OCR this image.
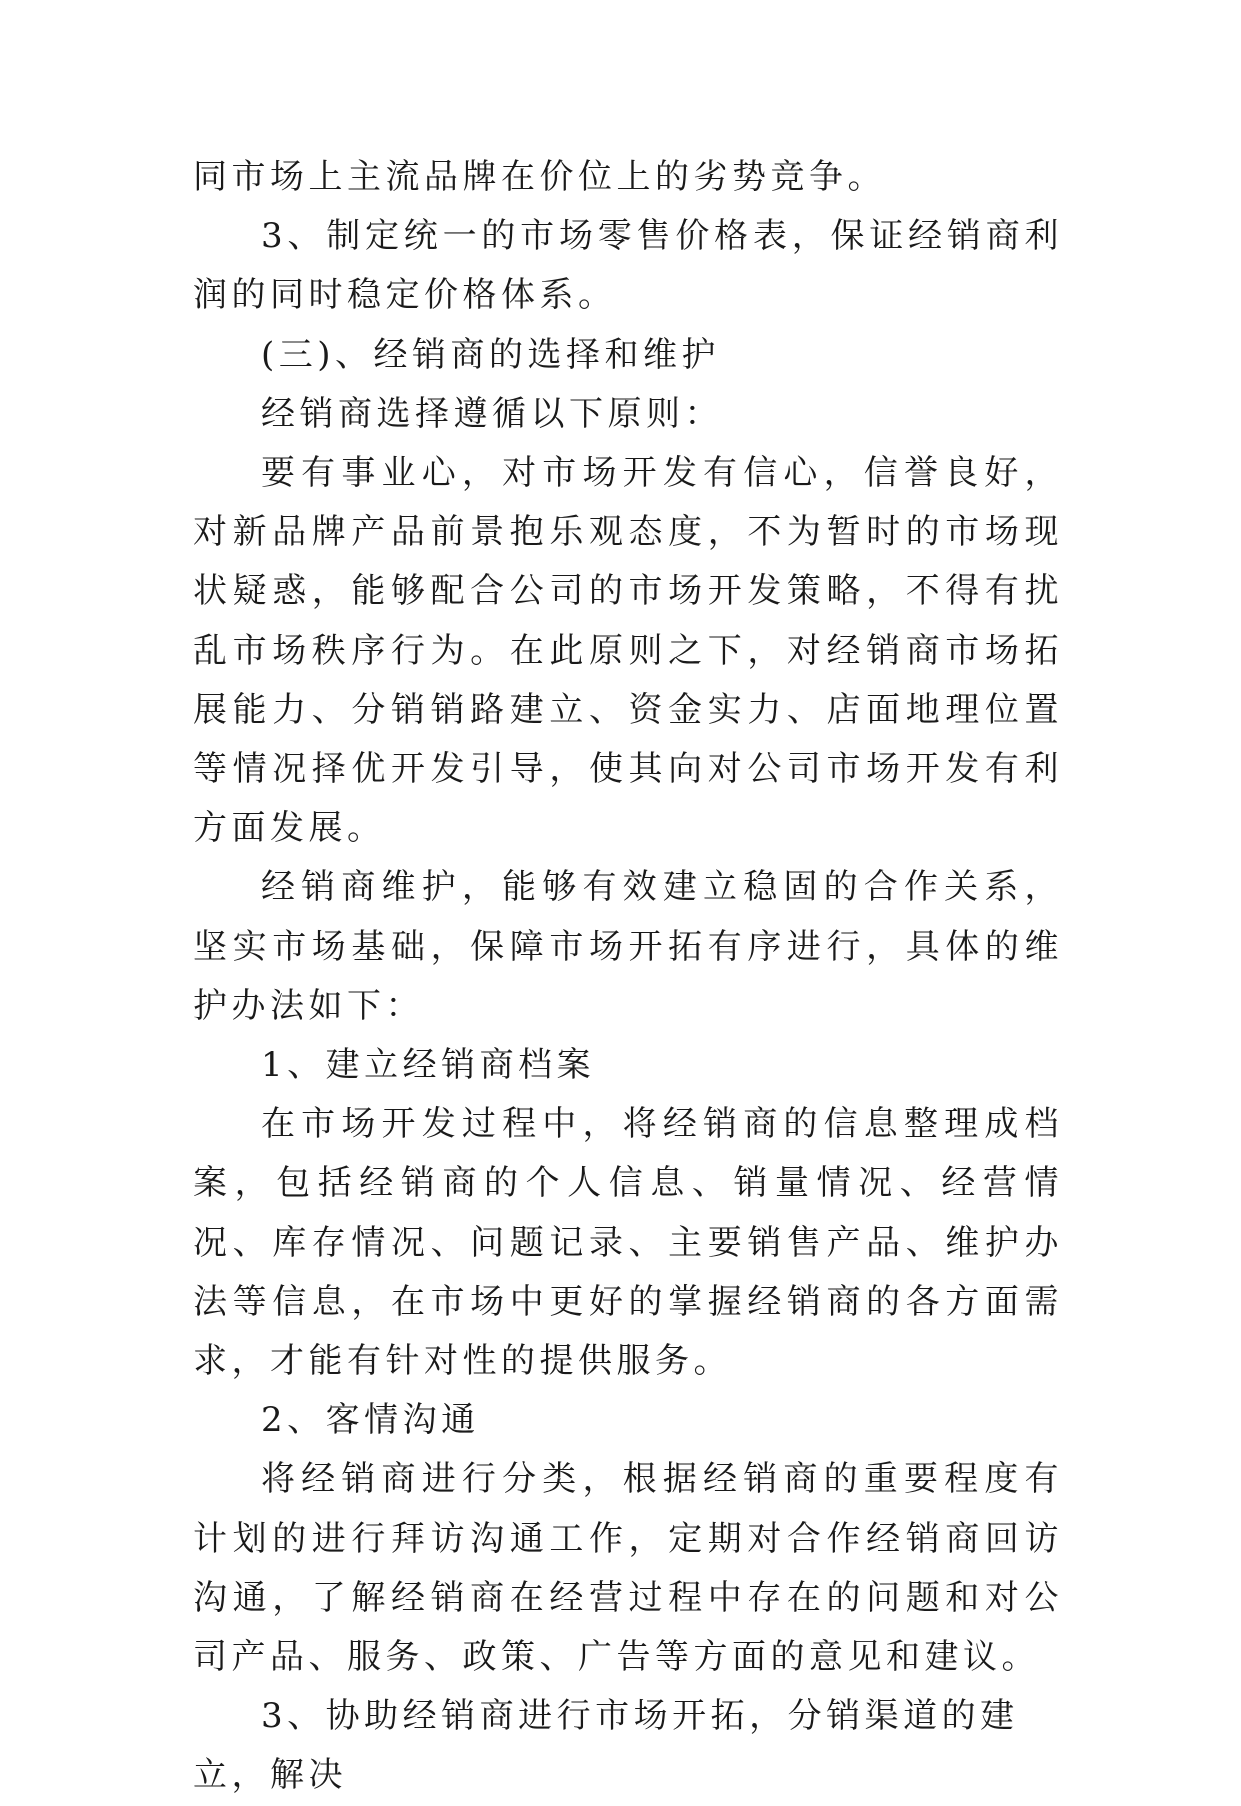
同市场上主流品牌在价位上的劣势竞争。

3、制定统一的市场零售价格表，保证经销商利润的同时稳定价格体系。

(三)、经销商的选择和维护

经销商选择遵循以下原则：

要有事业心，对市场开发有信心，信誉良好，对新品牌产品前景抱乐观态度，不为暂时的市场现状疑惑，能够配合公司的市场开发策略，不得有扰乱市场秩序行为。在此原则之下，对经销商市场拓展能力、分销销路建立、资金实力、店面地理位置等情况择优开发引导，使其向对公司市场开发有利方面发展。

经销商维护，能够有效建立稳固的合作关系，坚实市场基础，保障市场开拓有序进行，具体的维护办法如下：

1、建立经销商档案

在市场开发过程中，将经销商的信息整理成档案，包括经销商的个人信息、销量情况、经营情况、库存情况、问题记录、主要销售产品、维护办法等信息，在市场中更好的掌握经销商的各方面需求，才能有针对性的提供服务。

2、客情沟通

将经销商进行分类，根据经销商的重要程度有计划的进行拜访沟通工作，定期对合作经销商回访沟通，了解经销商在经营过程中存在的问题和对公司产品、服务、政策、广告等方面的意见和建议。

3、协助经销商进行市场开拓，分销渠道的建立，解决
